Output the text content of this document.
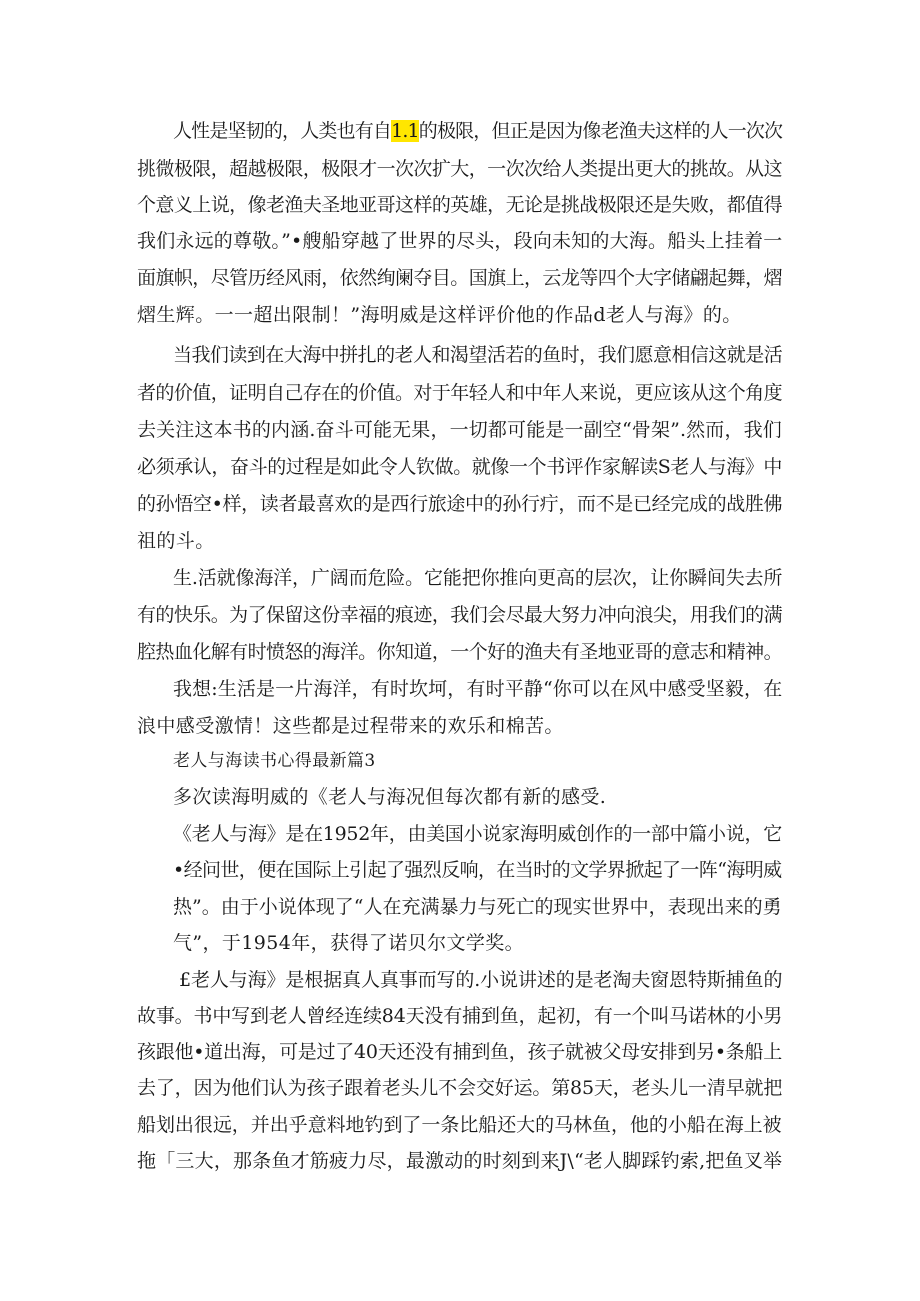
人性是坚韧的，人类也有自1.1的极限，但正是因为像老渔夫这样的人一次次
挑微极限，超越极限，极限才一次次扩大，一次次给人类提出更大的挑故。从这
个意义上说，像老渔夫圣地亚哥这样的英雄，无论是挑战极限还是失败，都值得
我们永远的尊敬。”•艘船穿越了世界的尽头，段向未知的大海。船头上挂着一
面旗帜，尽管历经风雨，依然绚阑夺目。国旗上，云龙等四个大字储翩起舞，熠
熠生辉。一一超出限制！”海明威是这样评价他的作品d老人与海》的。
当我们读到在大海中拼扎的老人和渴望活若的鱼时，我们愿意相信这就是活
者的价值，证明自己存在的价值。对于年轻人和中年人来说，更应该从这个角度
去关注这本书的内涵.奋斗可能无果，一切都可能是一副空“骨架”.然而，我们
必须承认，奋斗的过程是如此令人钦做。就像一个书评作家解读S老人与海》中
的孙悟空•样，读者最喜欢的是西行旅途中的孙行疔，而不是已经完成的战胜佛
祖的斗。
生.活就像海洋，广阔而危险。它能把你推向更高的层次，让你瞬间失去所
有的快乐。为了保留这份幸福的痕迹，我们会尽最大努力冲向浪尖，用我们的满
腔热血化解有时愤怒的海洋。你知道，一个好的渔夫有圣地亚哥的意志和精神。
我想:生活是一片海洋，有时坎坷，有时平静“你可以在风中感受坚毅，在
浪中感受激情！这些都是过程带来的欢乐和棉苦。
老人与海读书心得最新篇3
多次读海明威的《老人与海况但每次都有新的感受.
《老人与海》是在1952年，由美国小说家海明威创作的一部中篇小说，它
•经问世，便在国际上引起了强烈反响，在当时的文学界掀起了一阵“海明威
热”。由于小说体现了“人在充满暴力与死亡的现实世界中，表现出来的勇
气”，于1954年，获得了诺贝尔文学奖。
£老人与海》是根据真人真事而写的.小说讲述的是老淘夫窗恩特斯捕鱼的
故事。书中写到老人曾经连续84天没有捕到鱼，起初，有一个叫马诺林的小男
孩跟他•道出海，可是过了40天还没有捕到鱼，孩子就被父母安排到另•条船上
去了，因为他们认为孩子跟着老头儿不会交好运。第85天，老头儿一清早就把
船划出很远，并出乎意料地钓到了一条比船还大的马林鱼，他的小船在海上被
拖「三大，那条鱼才筋疲力尽，最激动的时刻到来J\“老人脚踩钓索,把鱼叉举
